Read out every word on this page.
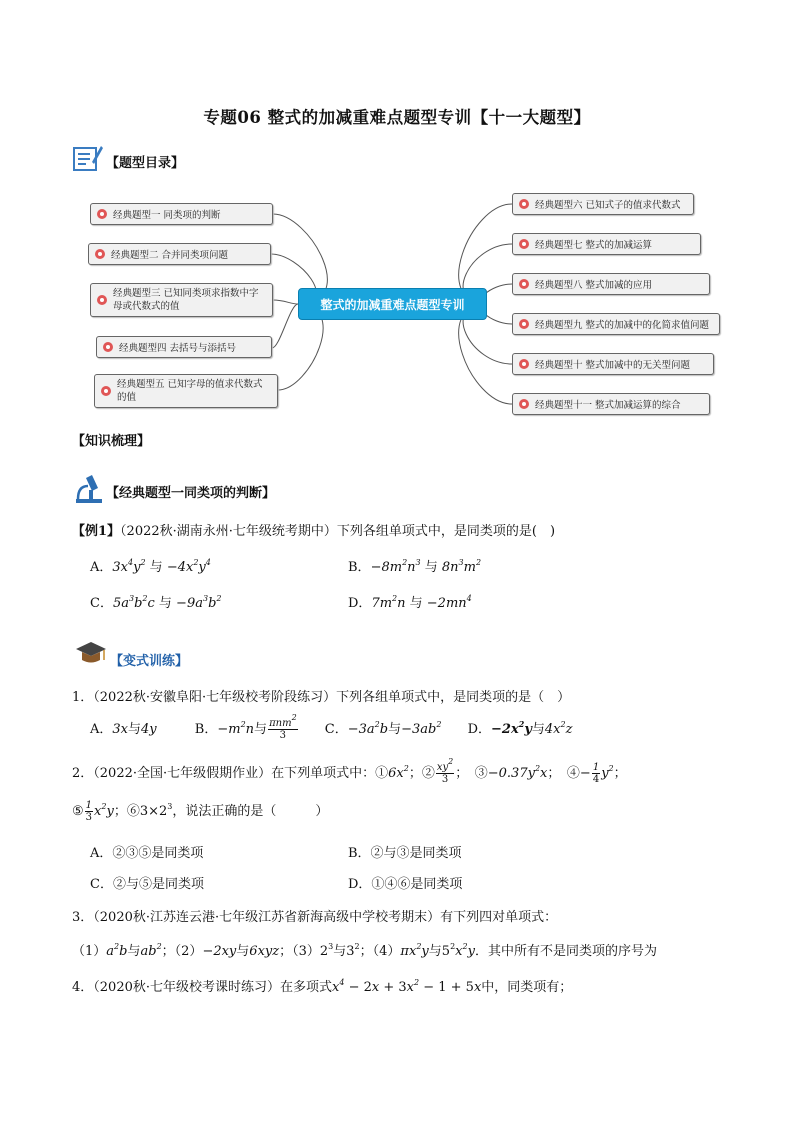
专题06 整式的加减重难点题型专训【十一大题型】
【题型目录】
经典题型一 同类项的判断
经典题型二 合并同类项问题
经典题型三 已知同类项求指数中字母或代数式的值
经典题型四 去括号与添括号
经典题型五 已知字母的值求代数式的值
整式的加减重难点题型专训
经典题型六 已知式子的值求代数式
经典题型七 整式的加减运算
经典题型八 整式加减的应用
经典题型九 整式的加减中的化简求值问题
经典题型十 整式加减中的无关型问题
经典题型十一 整式加减运算的综合
【知识梳理】
【经典题型一同类项的判断】
【例1】（2022秋·湖南永州·七年级统考期中）下列各组单项式中，是同类项的是(　)
A．$3x^4y^2$ 与 $-4x^2y^4$	B．$-8m^2n^3$ 与 $8n^3m^2$
C．$5a^3b^2c$ 与 $-9a^3b^2$	D．$7m^2n$ 与 $-2mn^4$
【变式训练】
1．（2022秋·安徽阜阳·七年级校考阶段练习）下列各组单项式中，是同类项的是（　）
A．3x与4y	B．$-m^2n$与 $\frac{\pi nm^2}{3}$ C．$-3a^2b$与$-3ab^2$ D．$-2x^2y$与$4x^2z$
2．（2022·全国·七年级假期作业）在下列单项式中：$①6x^2$；② $\frac{xy^2}{3}$ ；　$③-0.37y^2x$；　④− $\frac{1}{4} y^2$；
⑤ $\frac{1}{3} x^2y$；$⑥3\times 2^3$，说法正确的是（　　　）
A．②③⑤是同类项	B．②与③是同类项
C．②与⑤是同类项	D．①④⑥是同类项
3．（2020秋·江苏连云港·七年级江苏省新海高级中学校考期末）有下列四对单项式：
$(1)a^2b$与$ab^2$；（2）−2xy与6xyz；$(3)2^3$与$3^2$；$(4)\pi x^2y$与$5^2x^2y$．其中所有不是同类项的序号为
4．（2020秋·七年级校考课时练习）在多项式$x^4 - 2x + 3x^2 - 1 + 5x$中，同类项有；
